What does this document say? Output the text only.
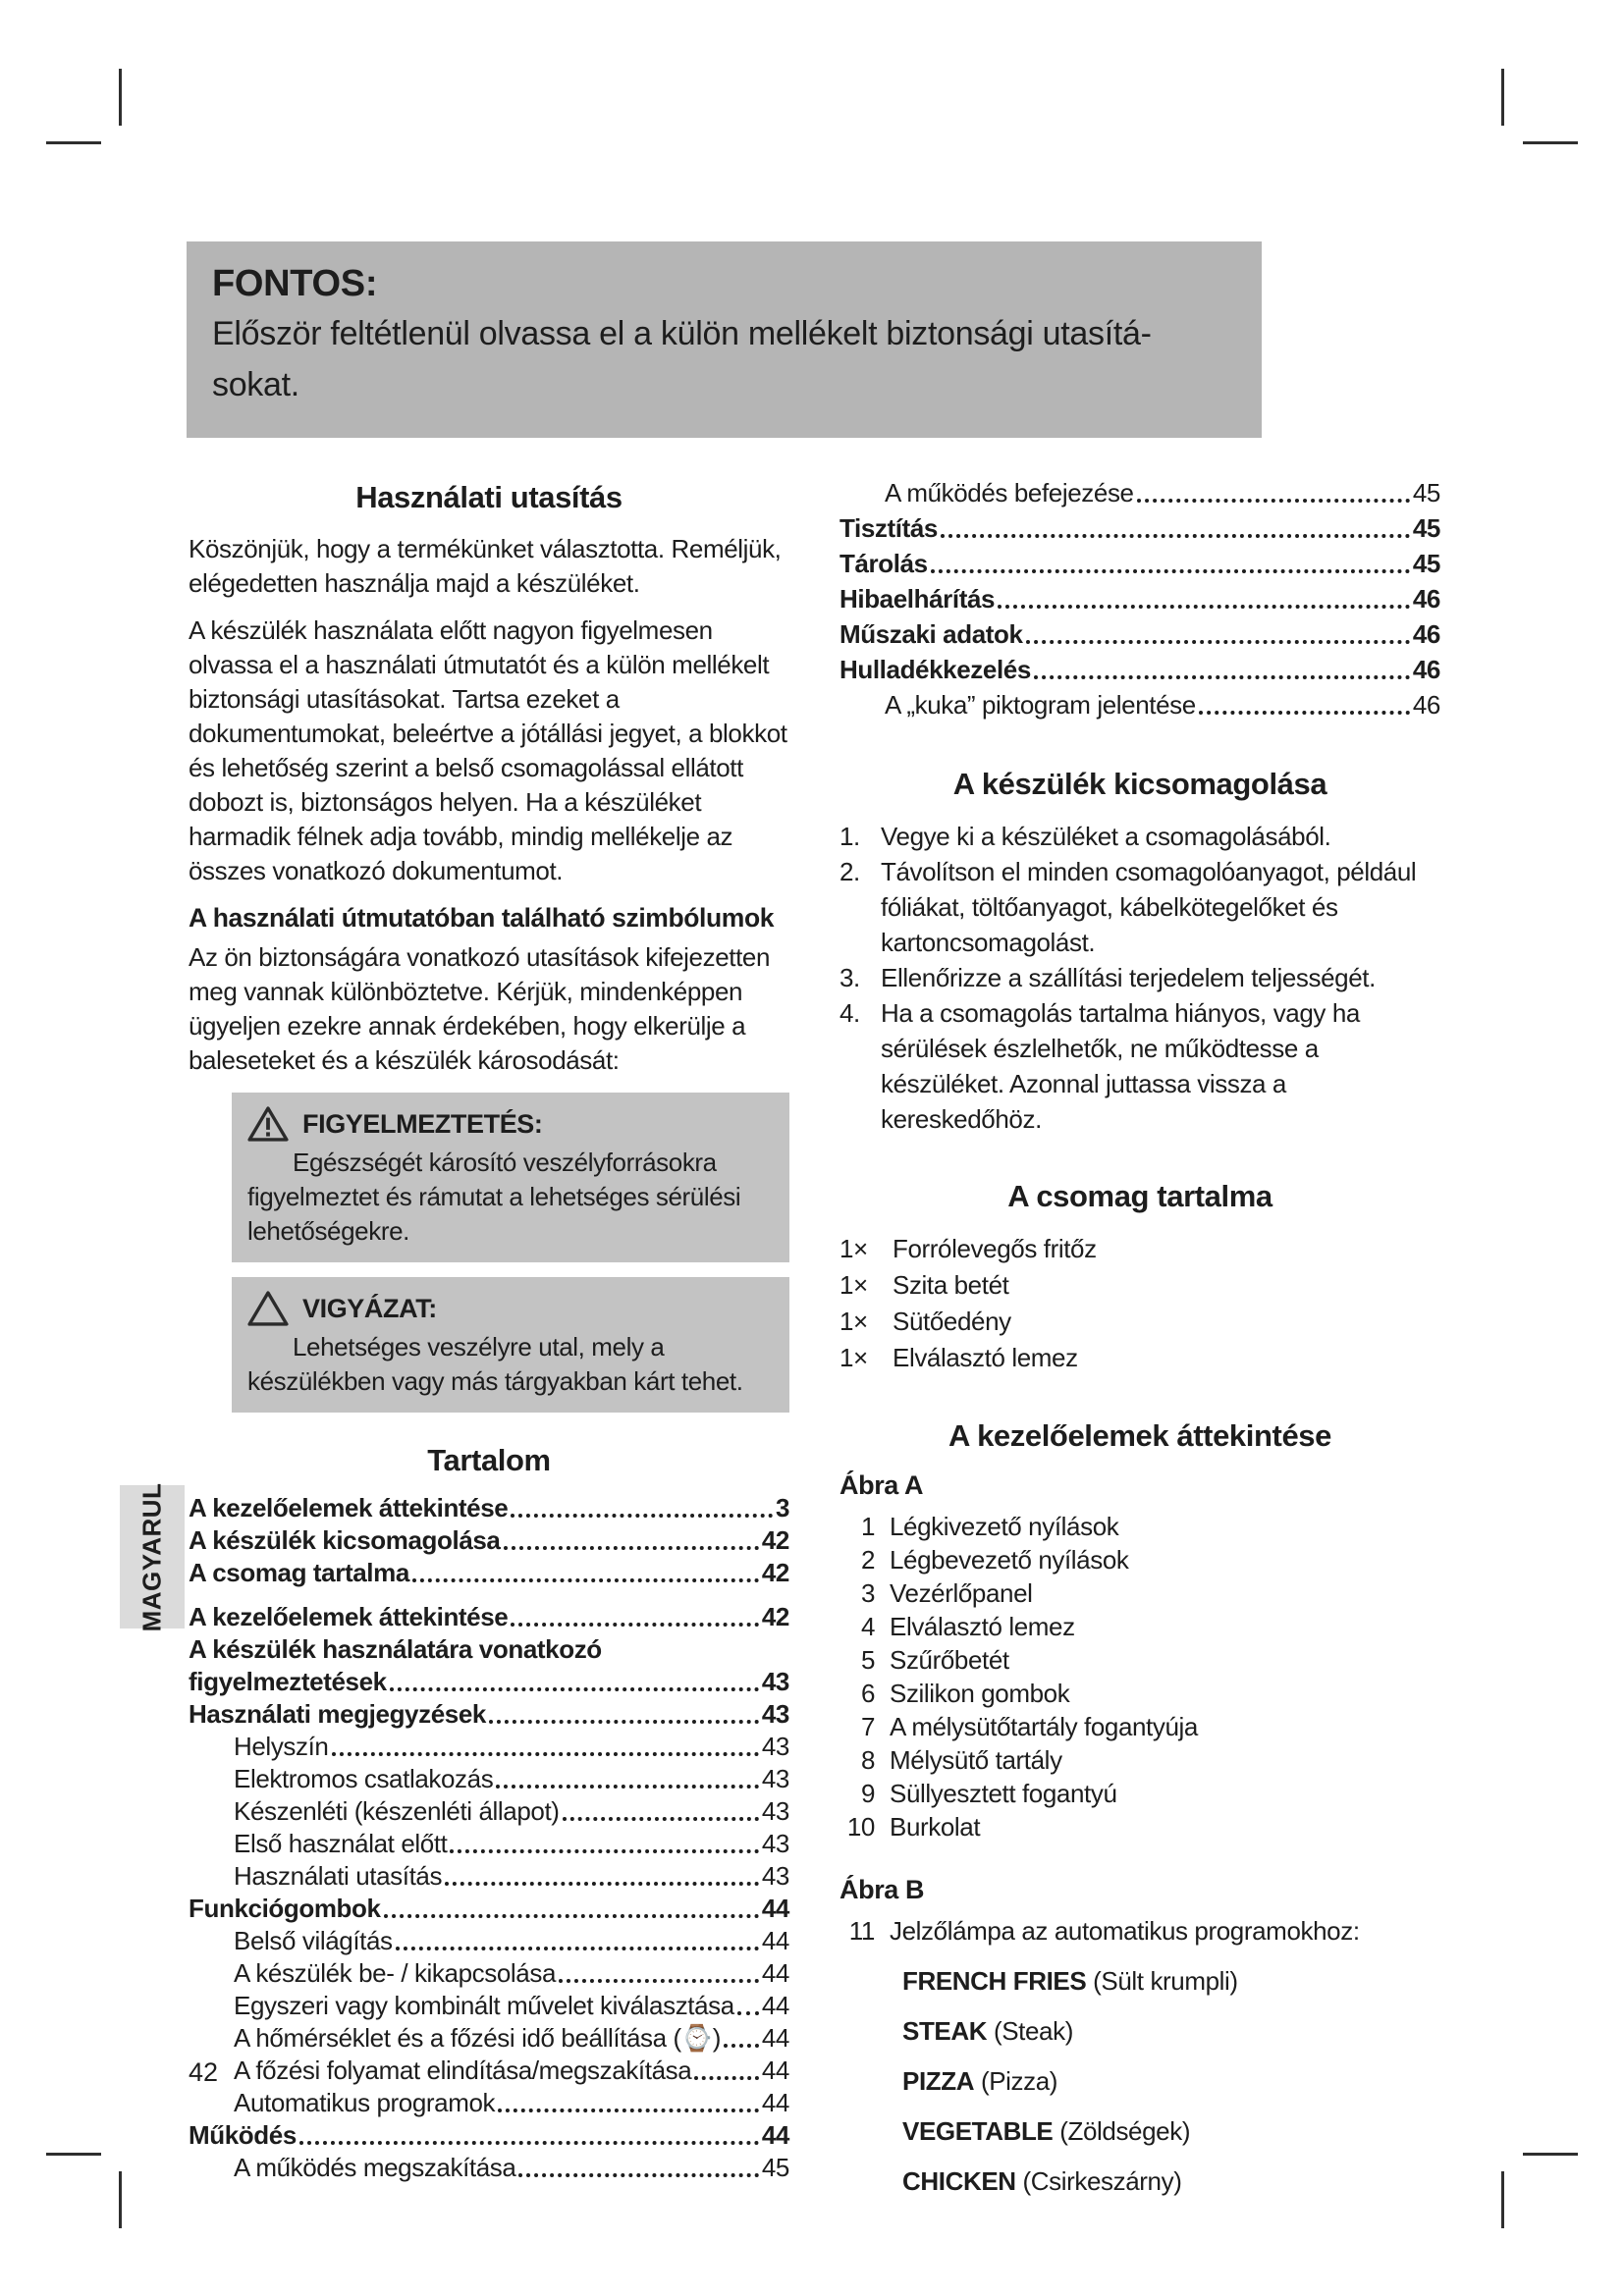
MAGYARUL
FONTOS:
Először feltétlenül olvassa el a külön mellékelt biztonsági utasítá-
sokat.
Használati utasítás

Köszönjük, hogy a termékünket választotta. Reméljük, elégedetten használja majd a készüléket.

A készülék használata előtt nagyon figyelmesen olvassa el a használati útmutatót és a külön mellékelt biztonsági utasításokat. Tartsa ezeket a dokumentumokat, beleértve a jótállási jegyet, a blokkot és lehetőség szerint a belső csomagolással ellátott dobozt is, biztonságos helyen. Ha a készüléket harmadik félnek adja tovább, mindig mellékelje az összes vonatkozó dokumentumot.

A használati útmutatóban található szimbólumok

Az ön biztonságára vonatkozó utasítások kifejezetten meg vannak különböztetve. Kérjük, mindenképpen ügyeljen ezekre annak érdekében, hogy elkerülje a baleseteket és a készülék károsodását:

FIGYELMEZTETÉS:
Egészségét károsító veszélyforrásokra figyelmeztet és rámutat a lehetséges sérülési lehetőségekre.
VIGYÁZAT:
Lehetséges veszélyre utal, mely a készülékben vagy más tárgyakban kárt tehet.
Tartalom
A kezelőelemek áttekintése	3
A készülék kicsomagolása	42
A csomag tartalma	42
A kezelőelemek áttekintése	42
A készülék használatára vonatkozó
figyelmeztetések	43
Használati megjegyzések	43
Helyszín	43
Elektromos csatlakozás	43
Készenléti (készenléti állapot)	43
Első használat előtt	43
Használati utasítás	43
Funkciógombok	44
Belső világítás	44
A készülék be- / kikapcsolása	44
Egyszeri vagy kombinált művelet kiválasztása 44
A hőmérséklet és a főzési idő beállítása (⌚) 44
A főzési folyamat elindítása/megszakítása	44
Automatikus programok	44
Működés	44
A működés megszakítása	45
A működés befejezése	45
Tisztítás	45
Tárolás	45
Hibaelhárítás	46
Műszaki adatok	46
Hulladékkezelés	46
A „kuka” piktogram jelentése	46
A készülék kicsomagolása
1. Vegye ki a készüléket a csomagolásából.
2. Távolítson el minden csomagolóanyagot, például fóliákat, töltőanyagot, kábelkötegelőket és kartoncsomagolást.
3. Ellenőrizze a szállítási terjedelem teljességét.
4. Ha a csomagolás tartalma hiányos, vagy ha sérülések észlelhetők, ne működtesse a készüléket. Azonnal juttassa vissza a kereskedőhöz.
A csomag tartalma
1× Forrólevegős fritőz
1× Szita betét
1× Sütőedény
1× Elválasztó lemez
A kezelőelemek áttekintése
Ábra A
1 Légkivezető nyílások
2 Légbevezető nyílások
3 Vezérlőpanel
4 Elválasztó lemez
5 Szűrőbetét
6 Szilikon gombok
7 A mélysütőtartály fogantyúja
8 Mélysütő tartály
9 Süllyesztett fogantyú
10 Burkolat
Ábra B
11 Jelzőlámpa az automatikus programokhoz:
FRENCH FRIES (Sült krumpli)
STEAK (Steak)
PIZZA (Pizza)
VEGETABLE (Zöldségek)
CHICKEN (Csirkeszárny)
42
